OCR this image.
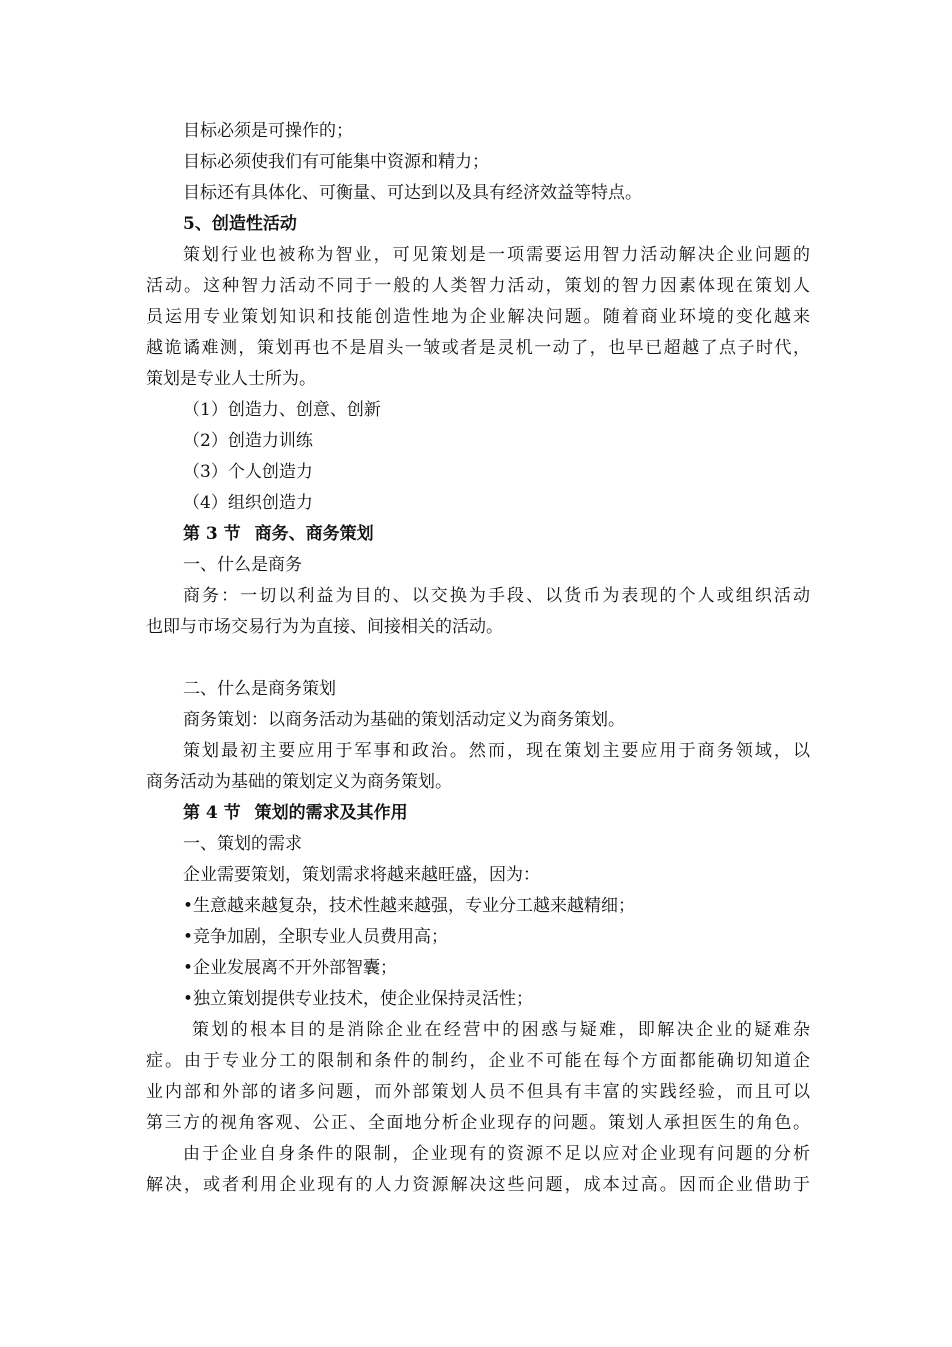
目标必须是可操作的；
目标必须使我们有可能集中资源和精力；
目标还有具体化、可衡量、可达到以及具有经济效益等特点。
5、创造性活动
策划行业也被称为智业，可见策划是一项需要运用智力活动解决企业问题的
活动。这种智力活动不同于一般的人类智力活动，策划的智力因素体现在策划人
员运用专业策划知识和技能创造性地为企业解决问题。随着商业环境的变化越来
越诡谲难测，策划再也不是眉头一皱或者是灵机一动了，也早已超越了点子时代，
策划是专业人士所为。
（1）创造力、创意、创新
（2）创造力训练
（3）个人创造力
（4）组织创造力
第 3 节 商务、商务策划
一、什么是商务
商务：一切以利益为目的、以交换为手段、以货币为表现的个人或组织活动
也即与市场交易行为为直接、间接相关的活动。
二、什么是商务策划
商务策划：以商务活动为基础的策划活动定义为商务策划。
策划最初主要应用于军事和政治。然而，现在策划主要应用于商务领域，以
商务活动为基础的策划定义为商务策划。
第 4 节 策划的需求及其作用
一、策划的需求
企业需要策划，策划需求将越来越旺盛，因为：
•生意越来越复杂，技术性越来越强，专业分工越来越精细；
•竞争加剧，全职专业人员费用高；
•企业发展离不开外部智囊；
•独立策划提供专业技术，使企业保持灵活性；
策划的根本目的是消除企业在经营中的困惑与疑难，即解决企业的疑难杂
症。由于专业分工的限制和条件的制约，企业不可能在每个方面都能确切知道企
业内部和外部的诸多问题，而外部策划人员不但具有丰富的实践经验，而且可以
第三方的视角客观、公正、全面地分析企业现存的问题。策划人承担医生的角色。
由于企业自身条件的限制，企业现有的资源不足以应对企业现有问题的分析
解决，或者利用企业现有的人力资源解决这些问题，成本过高。因而企业借助于
